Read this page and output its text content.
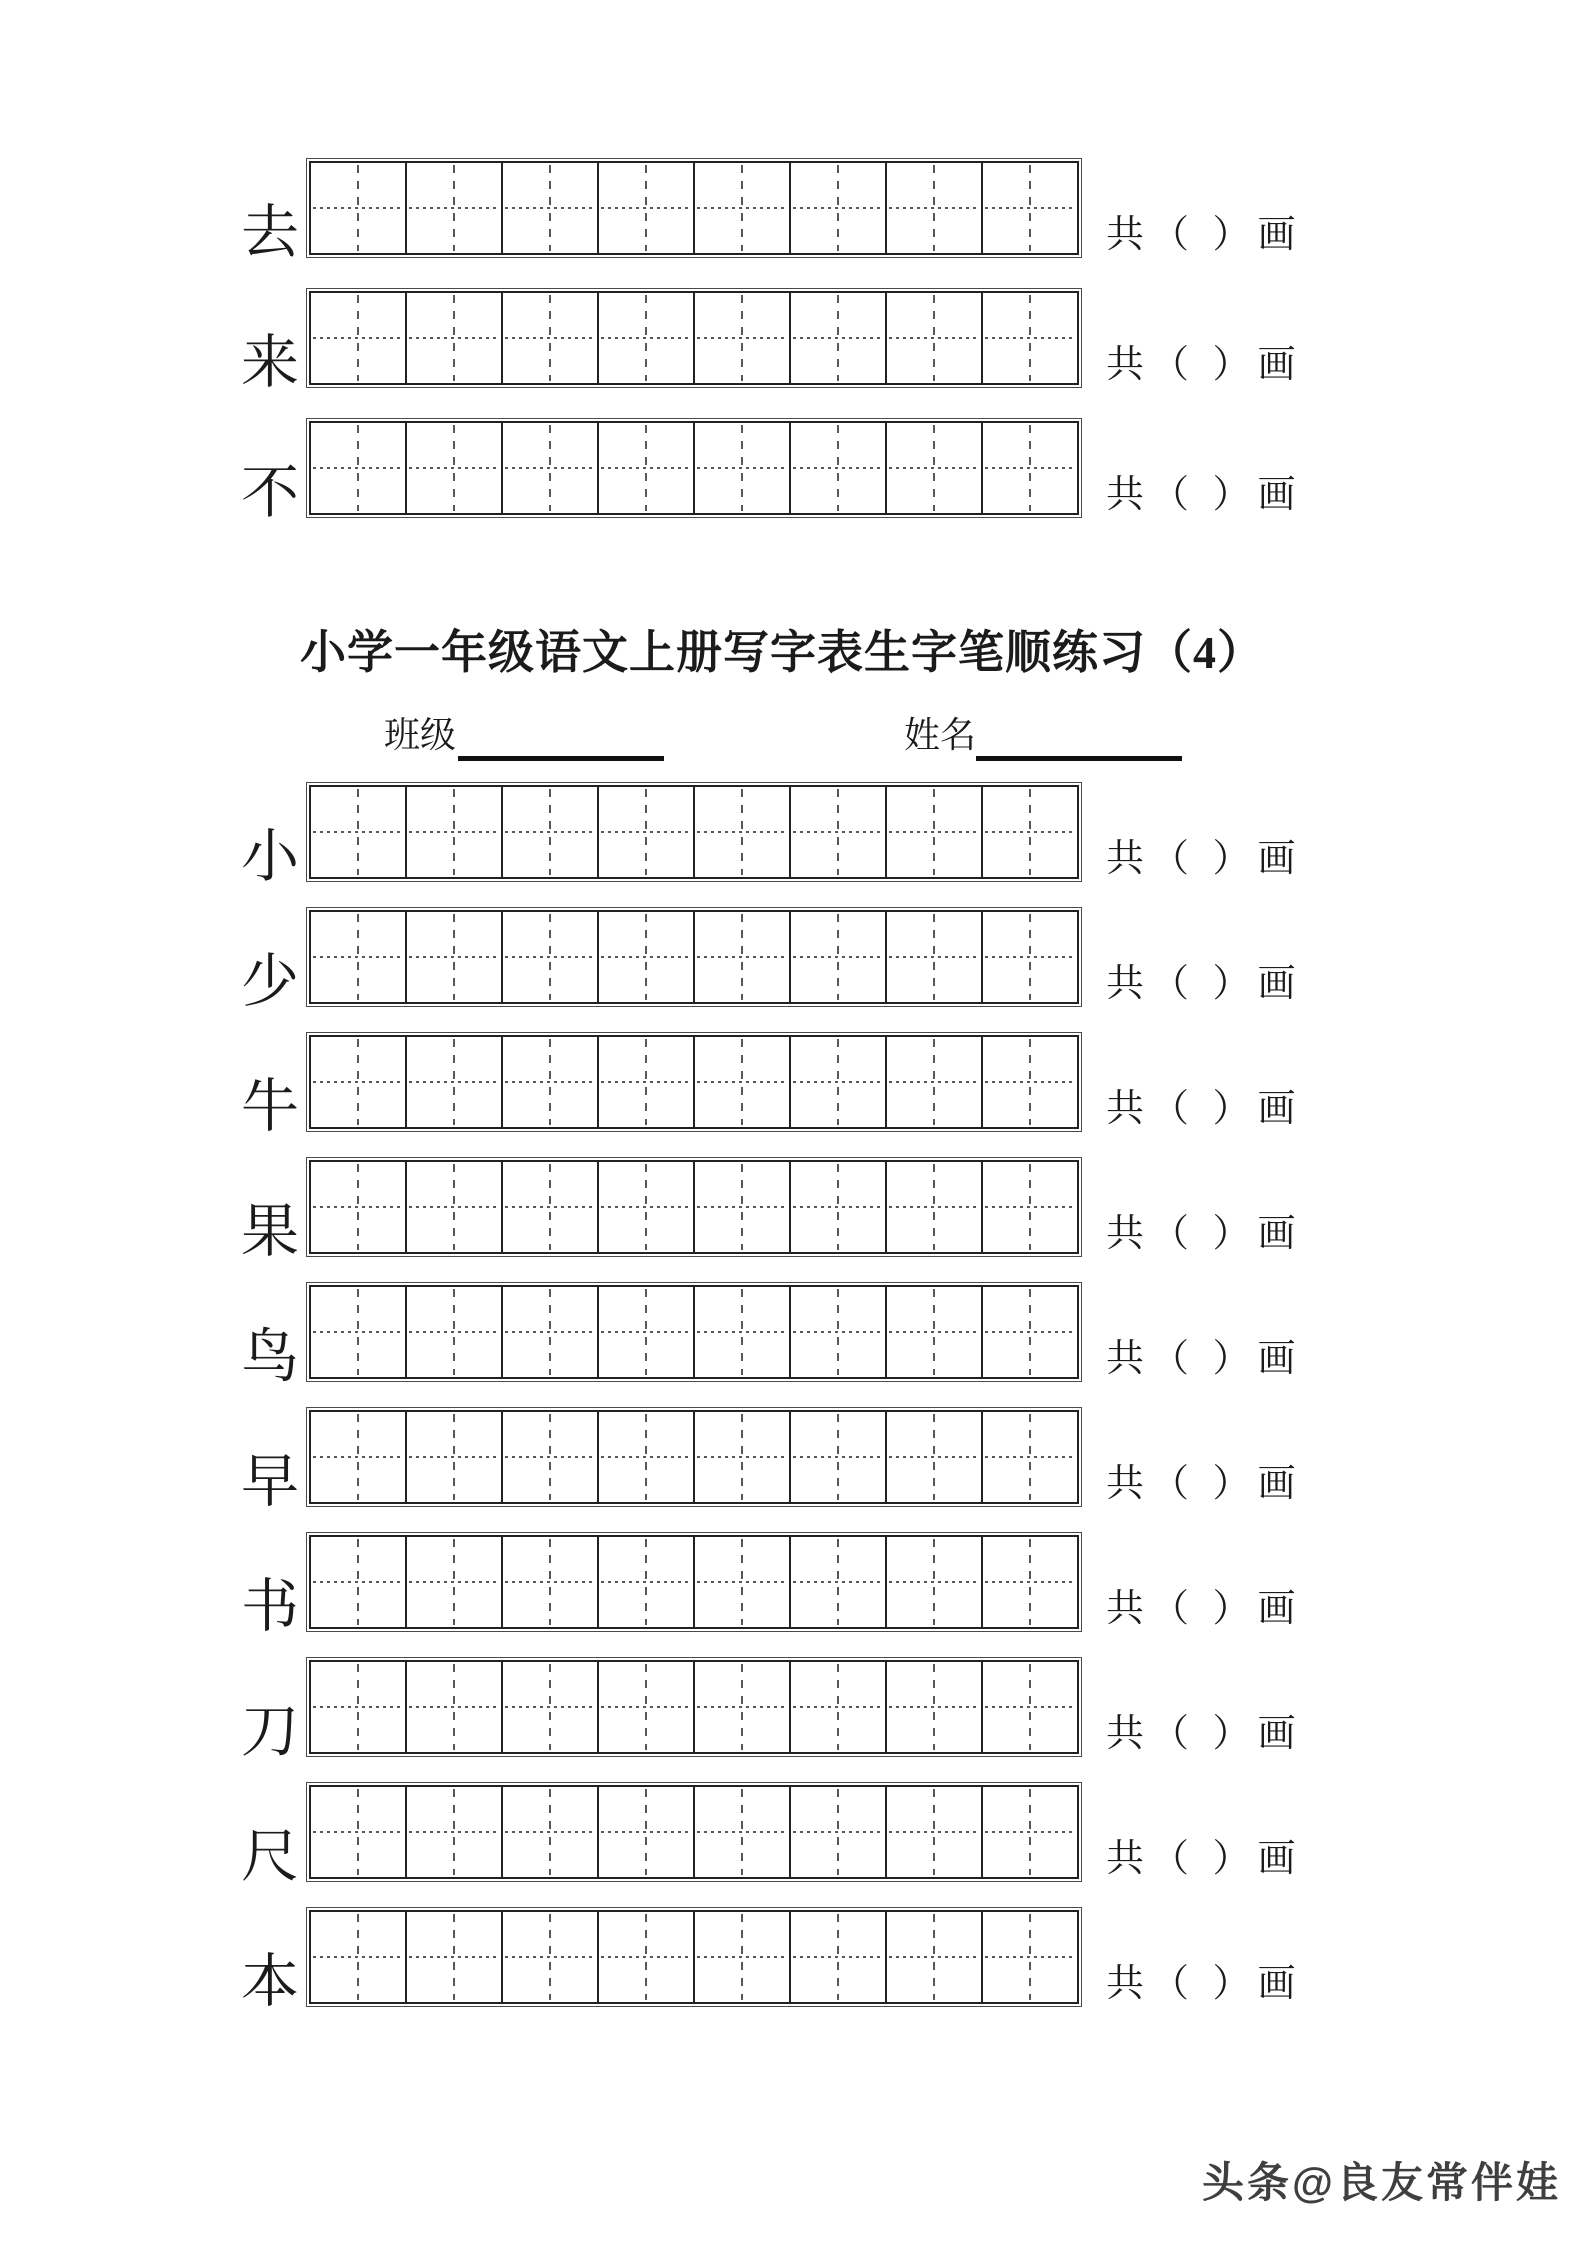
去	共（ ）画
来	共（ ）画
不	共（ ）画
小学一年级语文上册写字表生字笔顺练习（4）
班级	姓名
小	共（ ）画
少	共（ ）画
牛	共（ ）画
果	共（ ）画
鸟	共（ ）画
早	共（ ）画
书	共（ ）画
刀	共（ ）画
尺	共（ ）画
本	共（ ）画
头条@良友常伴娃
